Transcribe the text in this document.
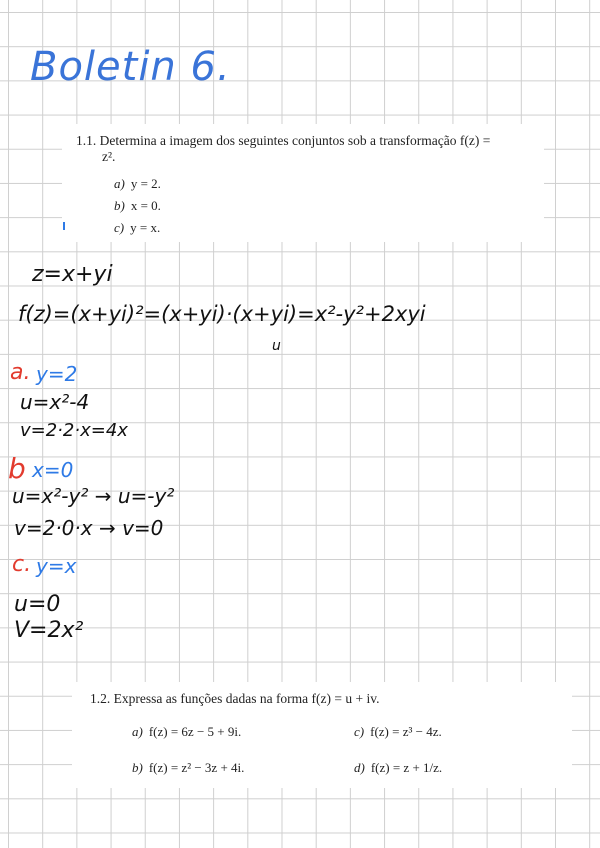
Boletin 6.
1.1. Determina a imagem dos seguintes conjuntos sob a transformação f(z) =
z².
a) y = 2.
b) x = 0.
c) y = x.
z=x+yi
f(z)=(x+yi)²=(x+yi)·(x+yi)=x²-y²+2xyi
u
a. y=2
u=x²-4
v=2·2·x=4x
b x=0
u=x²-y² → u=-y²
v=2·0·x → v=0
c. y=x
u=0
V=2x²
1.2. Expressa as funções dadas na forma f(z) = u + iv.
a) f(z) = 6z − 5 + 9i.	c) f(z) = z³ − 4z.
b) f(z) = z² − 3z + 4i.	d) f(z) = z + 1/z.
